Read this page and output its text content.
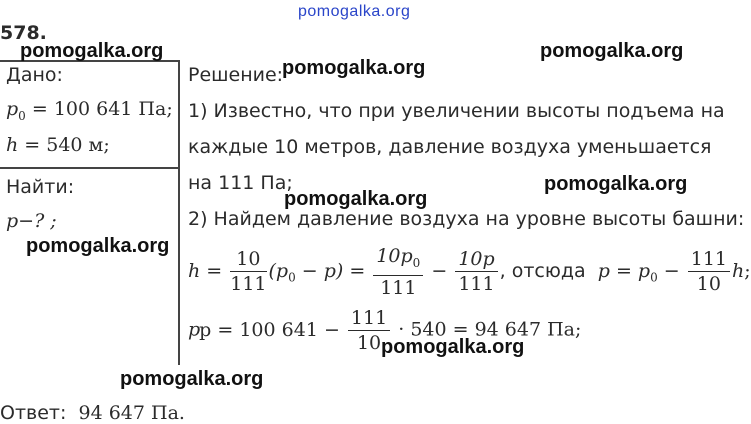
pomogalka.org
578.
Дано:
$p_0 = 100$ 641 Па;
h = 540 м;
Найти:
p−? ;
Решение:
1) Известно, что при увеличении высоты подъема на
каждые 10 метров, давление воздуха уменьшается
на 111 Па;
2) Найдем давление воздуха на уровне высоты башни:
$h = \frac{10}{111} (p_0 - p) = \frac{10p_0}{111} - \frac{10p}{111}$ , отсюда $p = p_0 - \frac{111}{10} h$;
pp = 100 $641 - \frac{111}{10} \cdot 540 = 94$ 647 Па;
Ответ: 94 647 Па.
pomogalka.org	pomogalka.org
pomogalka.org
pomogalka.org
pomogalka.org
pomogalka.org
pomogalka.org
pomogalka.org
